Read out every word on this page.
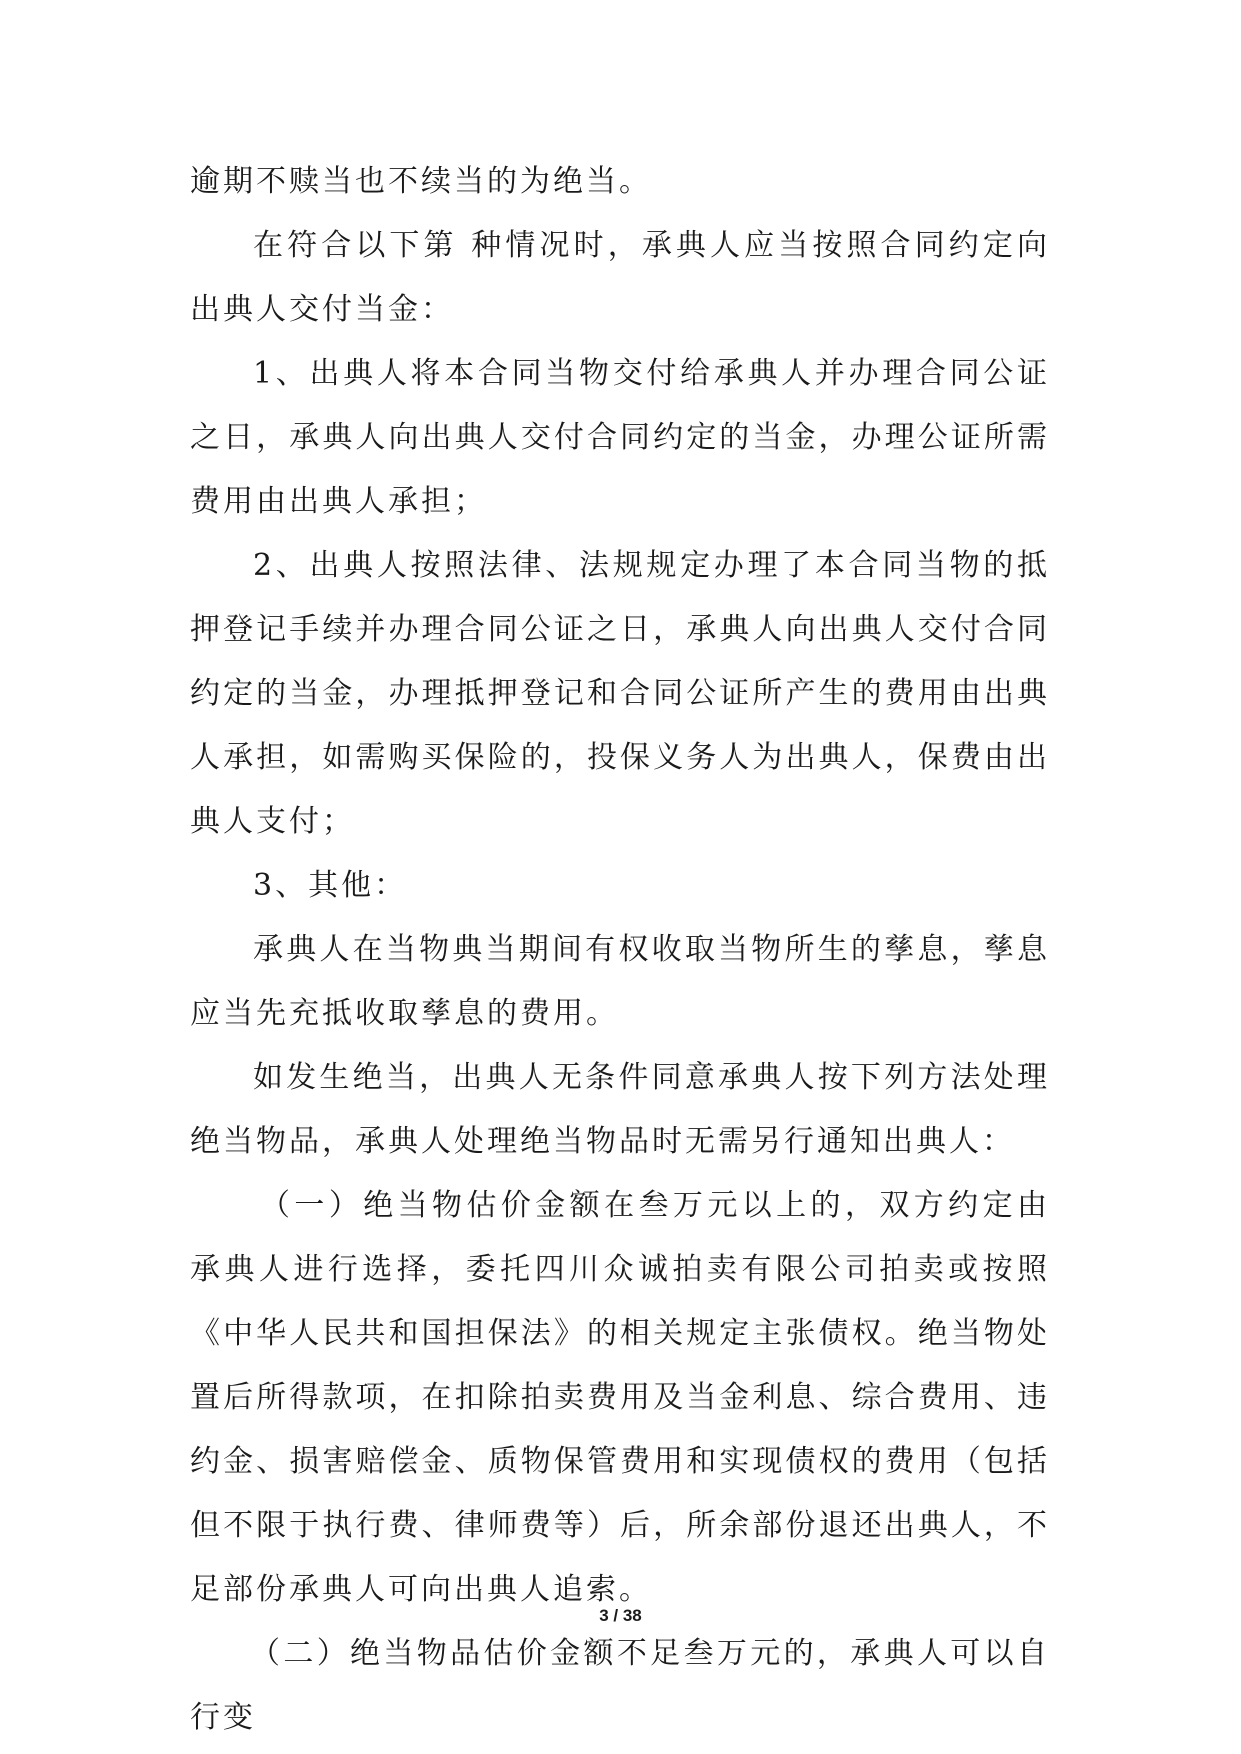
逾期不赎当也不续当的为绝当。

在符合以下第 种情况时，承典人应当按照合同约定向出典人交付当金：

1、出典人将本合同当物交付给承典人并办理合同公证之日，承典人向出典人交付合同约定的当金，办理公证所需费用由出典人承担；

2、出典人按照法律、法规规定办理了本合同当物的抵押登记手续并办理合同公证之日，承典人向出典人交付合同约定的当金，办理抵押登记和合同公证所产生的费用由出典人承担，如需购买保险的，投保义务人为出典人，保费由出典人支付；

3、其他：

承典人在当物典当期间有权收取当物所生的孳息，孳息应当先充抵收取孳息的费用。

如发生绝当，出典人无条件同意承典人按下列方法处理绝当物品，承典人处理绝当物品时无需另行通知出典人：

（一）绝当物估价金额在叁万元以上的，双方约定由承典人进行选择，委托四川众诚拍卖有限公司拍卖或按照《中华人民共和国担保法》的相关规定主张债权。绝当物处置后所得款项，在扣除拍卖费用及当金利息、综合费用、违约金、损害赔偿金、质物保管费用和实现债权的费用（包括但不限于执行费、律师费等）后，所余部份退还出典人，不足部份承典人可向出典人追索。

（二）绝当物品估价金额不足叁万元的，承典人可以自行变

3 / 38
